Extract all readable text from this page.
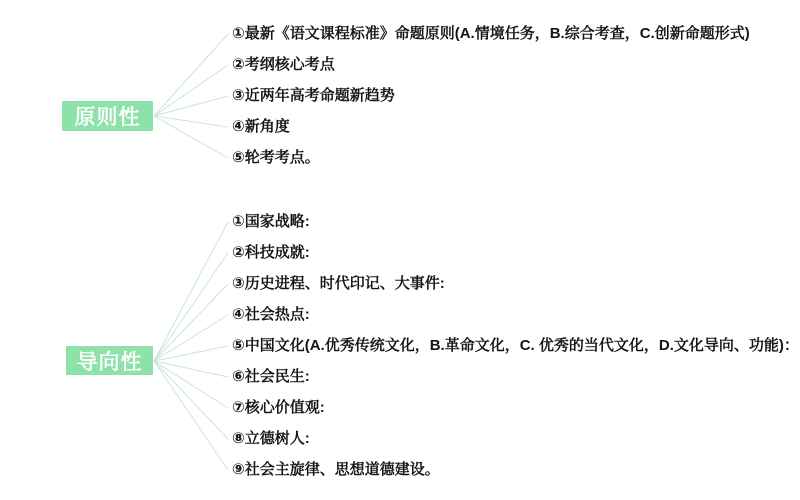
原则性
导向性
①最新《语文课程标准》命题原则(A.情境任务，B.综合考查，C.创新命题形式)
②考纲核心考点
③近两年高考命题新趋势
④新角度
⑤轮考考点。
①国家战略:
②科技成就:
③历史进程、时代印记、大事件:
④社会热点:
⑤中国文化(A.优秀传统文化，B.革命文化，C. 优秀的当代文化，D.文化导向、功能)：
⑥社会民生:
⑦核心价值观:
⑧立德树人:
⑨社会主旋律、思想道德建设。
